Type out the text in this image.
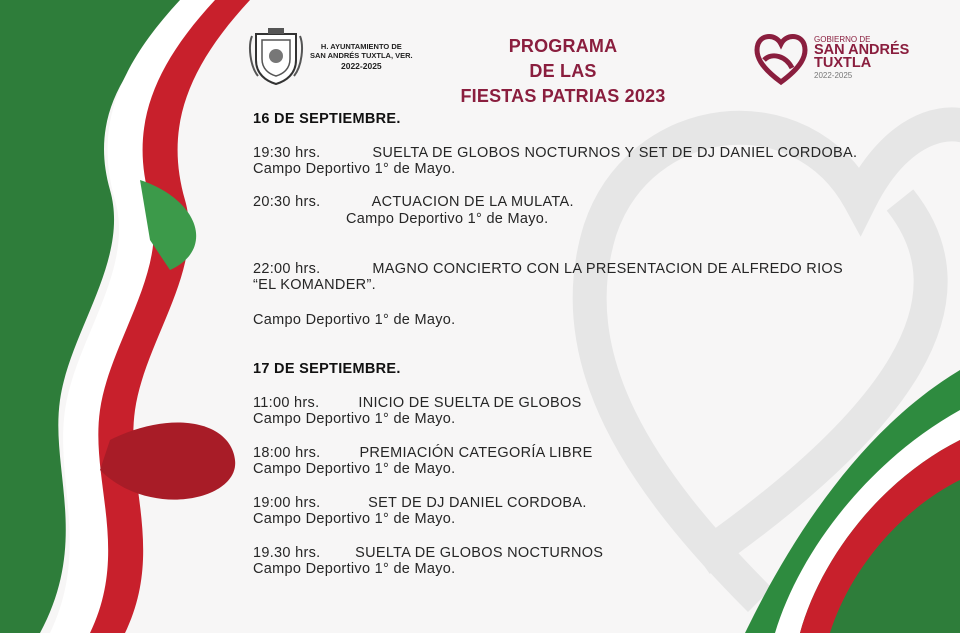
H. AYUNTAMIENTO DE
SAN ANDRÉS TUXTLA, VER.
2022-2025
PROGRAMA
DE LAS
FIESTAS PATRIAS 2023
GOBIERNO DE
SAN ANDRÉS
TUXTLA
2022-2025
16 DE SEPTIEMBRE.
19:30 hrs.            SUELTA DE GLOBOS NOCTURNOS Y SET DE DJ DANIEL CORDOBA.
Campo Deportivo 1° de Mayo.
20:30 hrs.            ACTUACION DE LA MULATA.
Campo Deportivo 1° de Mayo.
22:00 hrs.            MAGNO CONCIERTO CON LA PRESENTACION DE ALFREDO RIOS
“EL KOMANDER”.
Campo Deportivo 1° de Mayo.
17 DE SEPTIEMBRE.
11:00 hrs.         INICIO DE SUELTA DE GLOBOS
Campo Deportivo 1° de Mayo.
18:00 hrs.         PREMIACIÓN CATEGORÍA LIBRE
Campo Deportivo 1° de Mayo.
19:00 hrs.           SET DE DJ DANIEL CORDOBA.
Campo Deportivo 1° de Mayo.
19.30 hrs.        SUELTA DE GLOBOS NOCTURNOS
Campo Deportivo 1° de Mayo.
